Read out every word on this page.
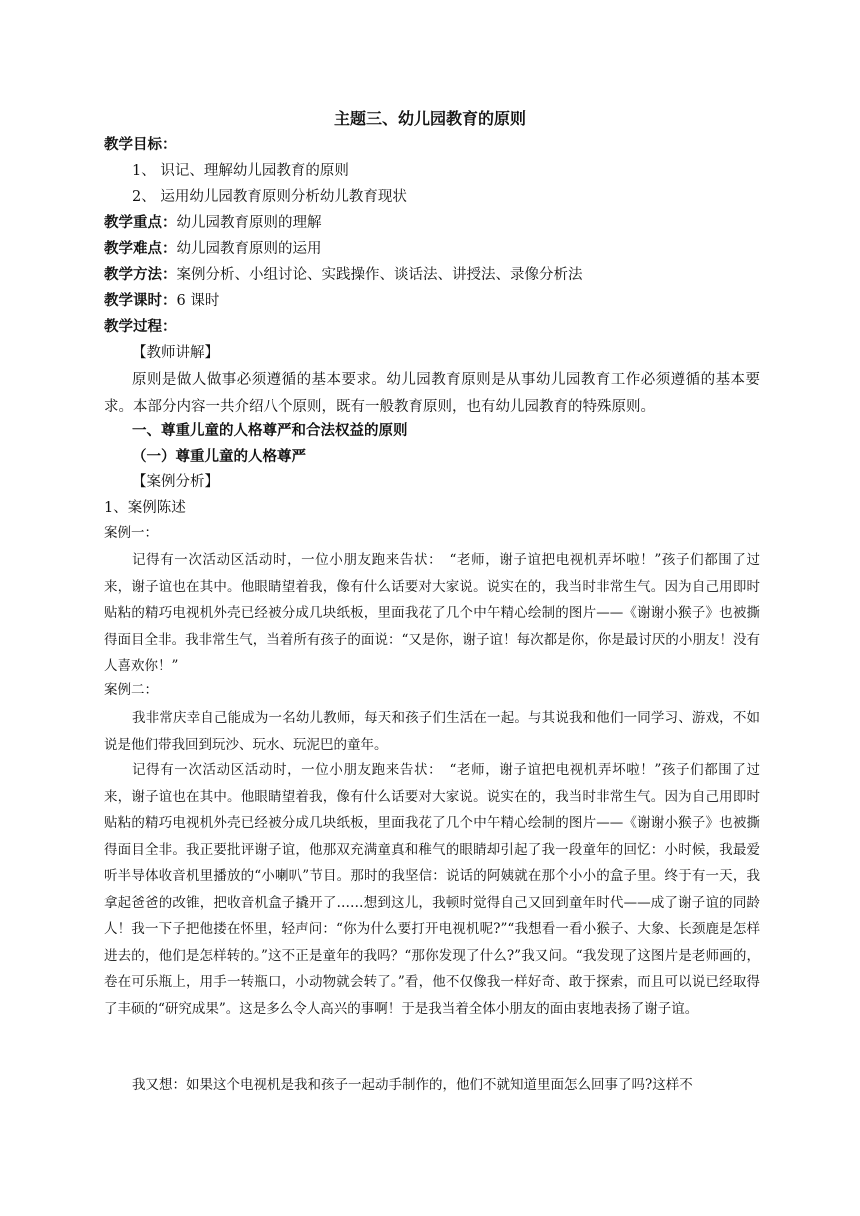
主题三、幼儿园教育的原则
教学目标：
1、 识记、理解幼儿园教育的原则
2、 运用幼儿园教育原则分析幼儿教育现状
教学重点：幼儿园教育原则的理解
教学难点：幼儿园教育原则的运用
教学方法：案例分析、小组讨论、实践操作、谈话法、讲授法、录像分析法
教学课时：6 课时
教学过程：
【教师讲解】
原则是做人做事必须遵循的基本要求。幼儿园教育原则是从事幼儿园教育工作必须遵循的基本要求。本部分内容一共介绍八个原则，既有一般教育原则，也有幼儿园教育的特殊原则。
一、尊重儿童的人格尊严和合法权益的原则
（一）尊重儿童的人格尊严
【案例分析】
1、案例陈述
案例一：
记得有一次活动区活动时，一位小朋友跑来告状：　“老师，谢子谊把电视机弄坏啦！”孩子们都围了过来，谢子谊也在其中。他眼睛望着我，像有什么话要对大家说。说实在的，我当时非常生气。因为自己用即时贴粘的精巧电视机外壳已经被分成几块纸板，里面我花了几个中午精心绘制的图片——《谢谢小猴子》也被撕得面目全非。我非常生气，当着所有孩子的面说：“又是你，谢子谊！每次都是你，你是最讨厌的小朋友！没有人喜欢你！”
案例二：
我非常庆幸自己能成为一名幼儿教师，每天和孩子们生活在一起。与其说我和他们一同学习、游戏，不如说是他们带我回到玩沙、玩水、玩泥巴的童年。
记得有一次活动区活动时，一位小朋友跑来告状：　“老师，谢子谊把电视机弄坏啦！”孩子们都围了过来，谢子谊也在其中。他眼睛望着我，像有什么话要对大家说。说实在的，我当时非常生气。因为自己用即时贴粘的精巧电视机外壳已经被分成几块纸板，里面我花了几个中午精心绘制的图片——《谢谢小猴子》也被撕得面目全非。我正要批评谢子谊，他那双充满童真和稚气的眼睛却引起了我一段童年的回忆：小时候，我最爱听半导体收音机里播放的“小喇叭”节目。那时的我坚信：说话的阿姨就在那个小小的盒子里。终于有一天，我拿起爸爸的改锥，把收音机盒子撬开了……想到这儿，我顿时觉得自己又回到童年时代——成了谢子谊的同龄人！我一下子把他搂在怀里，轻声问：“你为什么要打开电视机呢?”“我想看一看小猴子、大象、长颈鹿是怎样进去的，他们是怎样转的。”这不正是童年的我吗？“那你发现了什么?”我又问。“我发现了这图片是老师画的，卷在可乐瓶上，用手一转瓶口，小动物就会转了。”看，他不仅像我一样好奇、敢于探索，而且可以说已经取得了丰硕的“研究成果”。这是多么令人高兴的事啊！于是我当着全体小朋友的面由衷地表扬了谢子谊。
我又想：如果这个电视机是我和孩子一起动手制作的，他们不就知道里面怎么回事了吗?这样不
